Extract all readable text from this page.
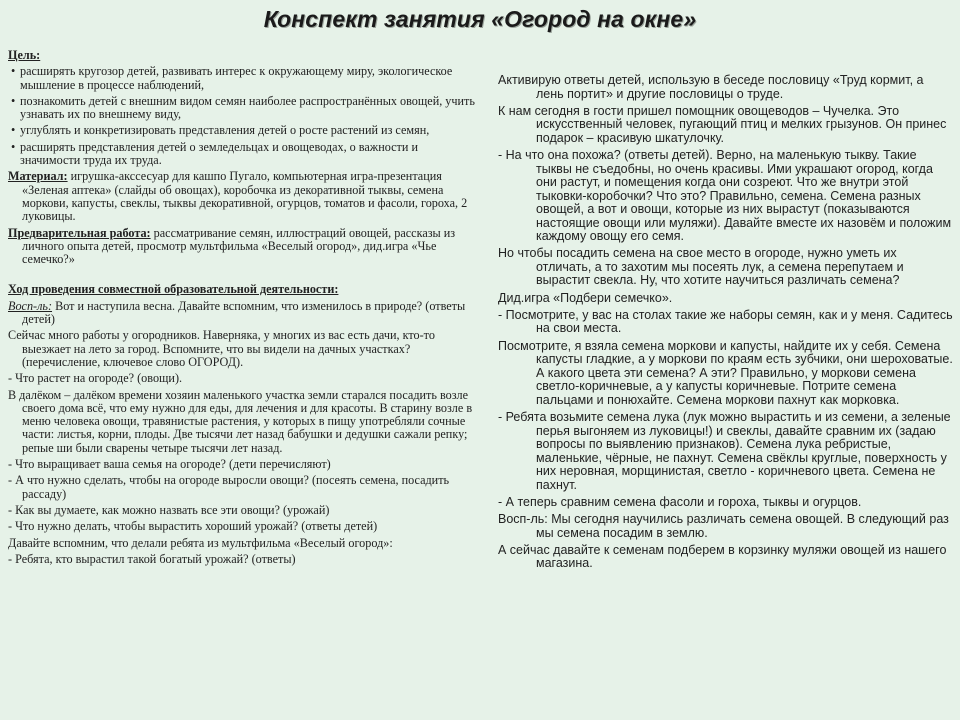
Конспект занятия «Огород на окне»

Цель:

• расширять кругозор детей, развивать интерес к окружающему миру, экологическое мышление в процессе наблюдений,

• познакомить детей с внешним видом семян наиболее распространённых овощей, учить узнавать их по внешнему виду,

• углублять и конкретизировать представления детей о росте растений из семян,

• расширять представления детей о земледельцах и овощеводах, о важности и значимости труда их труда.

Материал: игрушка-акссесуар для кашпо Пугало, компьютерная игра-презентация «Зеленая аптека» (слайды об овощах), коробочка из декоративной тыквы, семена моркови, капусты, свеклы, тыквы декоративной, огурцов, томатов и фасоли, гороха, 2 луковицы.

Предварительная работа: рассматривание семян, иллюстраций овощей, рассказы из личного опыта детей, просмотр мультфильма «Веселый огород», дид.игра «Чье семечко?»

Ход проведения совместной образовательной деятельности:

Восп-ль: Вот и наступила весна. Давайте вспомним, что изменилось в природе? (ответы детей)

Сейчас много работы у огородников. Наверняка, у многих из вас есть дачи, кто-то выезжает на лето за город. Вспомните, что вы видели на дачных участках? (перечисление, ключевое слово ОГОРОД).

- Что растет на огороде? (овощи).

В далёком – далёком времени хозяин маленького участка земли старался посадить возле своего дома всё, что ему нужно для еды, для лечения и для красоты. В старину возле в меню человека овощи, травянистые растения, у которых в пищу употребляли сочные части: листья, корни, плоды. Две тысячи лет назад бабушки и дедушки сажали репку; репые ши были сварены четыре тысячи лет назад.

- Что выращивает ваша семья на огороде? (дети перечисляют)

- А что нужно сделать, чтобы на огороде выросли овощи? (посеять семена, посадить рассаду)

- Как вы думаете, как можно назвать все эти овощи? (урожай)

- Что нужно делать, чтобы вырастить хороший урожай? (ответы детей)

Давайте вспомним, что делали ребята из мультфильма «Веселый огород»:

- Ребята, кто вырастил такой богатый урожай? (ответы)

Активирую ответы детей, использую в беседе пословицу «Труд кормит, а лень портит» и другие пословицы о труде.

К нам сегодня в гости пришел помощник овощеводов – Чучелка. Это искусственный человек, пугающий птиц и мелких грызунов. Он принес подарок – красивую шкатулочку.

- На что она похожа? (ответы детей). Верно, на маленькую тыкву. Такие тыквы не съедобны, но очень красивы. Ими украшают огород, когда они растут, и помещения когда они созреют. Что же внутри этой тыковки-коробочки? Что это? Правильно, семена. Семена разных овощей, а вот и овощи, которые из них вырастут (показываются настоящие овощи или муляжи). Давайте вместе их назовём и положим каждому овощу его семя.

Но чтобы посадить семена на свое место в огороде, нужно уметь их отличать, а то захотим мы посеять лук, а семена перепутаем и вырастит свекла. Ну, что хотите научиться различать семена?

Дид.игра «Подбери семечко».

- Посмотрите, у вас на столах такие же наборы семян, как и у меня. Садитесь на свои места.

Посмотрите, я взяла семена моркови и капусты, найдите их у себя. Семена капусты гладкие, а у моркови по краям есть зубчики, они шероховатые. А какого цвета эти семена? А эти? Правильно, у моркови семена светло-коричневые, а у капусты коричневые. Потрите семена пальцами и понюхайте. Семена моркови пахнут как морковка.

- Ребята возьмите семена лука (лук можно вырастить и из семени, а зеленые перья выгоняем из луковицы!) и свеклы, давайте сравним их (задаю вопросы по выявлению признаков). Семена лука ребристые, маленькие, чёрные, не пахнут. Семена свёклы круглые, поверхность у них неровная, морщинистая, светло - коричневого цвета. Семена не пахнут.

- А теперь сравним семена фасоли и гороха, тыквы и огурцов.

Восп-ль: Мы сегодня научились различать семена овощей. В следующий раз мы семена посадим в землю.

А сейчас давайте к семенам подберем в корзинку муляжи овощей из нашего магазина.
